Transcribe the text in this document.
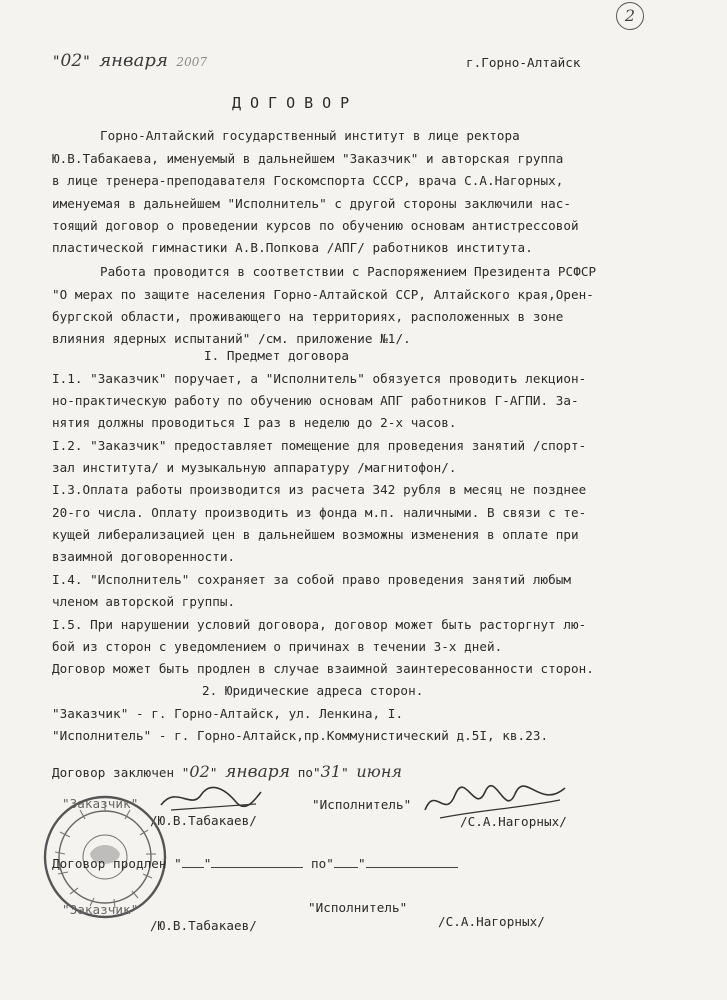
2
"02" января 2007	г.Горно-Алтайск
ДОГОВОР
Горно-Алтайский государственный институт в лице ректора
Ю.В.Табакаева, именуемый в дальнейшем "Заказчик" и авторская группа
в лице тренера-преподавателя Госкомспорта СССР, врача С.А.Нагорных,
именуемая в дальнейшем "Исполнитель" с другой стороны заключили нас-
тоящий договор о проведении курсов по обучению основам антистрессовой
пластической гимнастики А.В.Попкова /АПГ/ работников института.
Работа проводится в соответствии с Распоряжением Президента РСФСР
"О мерах по защите населения Горно-Алтайской ССР, Алтайского края,Орен-
бургской области, проживающего на территориях, расположенных в зоне
влияния ядерных испытаний" /см. приложение №1/.
I. Предмет договора
I.1. "Заказчик" поручает, а "Исполнитель" обязуется проводить лекцион-
но-практическую работу по обучению основам АПГ работников Г-АГПИ. За-
нятия должны проводиться I раз в неделю до 2-х часов.
I.2. "Заказчик" предоставляет помещение для проведения занятий /спорт-
зал института/ и музыкальную аппаратуру /магнитофон/.
I.3.Оплата работы производится из расчета 342 рубля в месяц не позднее
20-го числа. Оплату производить из фонда м.п. наличными. В связи с те-
кущей либерализацией цен в дальнейшем возможны изменения в оплате при
взаимной договоренности.
I.4. "Исполнитель" сохраняет за собой право проведения занятий любым
членом авторской группы.
I.5. При нарушении условий договора, договор может быть расторгнут лю-
бой из сторон с уведомлением о причинах в течении 3-х дней.
Договор может быть продлен в случае взаимной заинтересованности сторон.
2. Юридические адреса сторон.
"Заказчик" - г. Горно-Алтайск, ул. Ленкина, I.
"Исполнитель" - г. Горно-Алтайск,пр.Коммунистический д.5I, кв.23.
Договор заключен "02" января по"31" июня
"Заказчик"
/Ю.В.Табакаев/
"Исполнитель"
/С.А.Нагорных/
Договор продлен " "	по" "
"Заказчик"
/Ю.В.Табакаев/
"Исполнитель"
/С.А.Нагорных/
